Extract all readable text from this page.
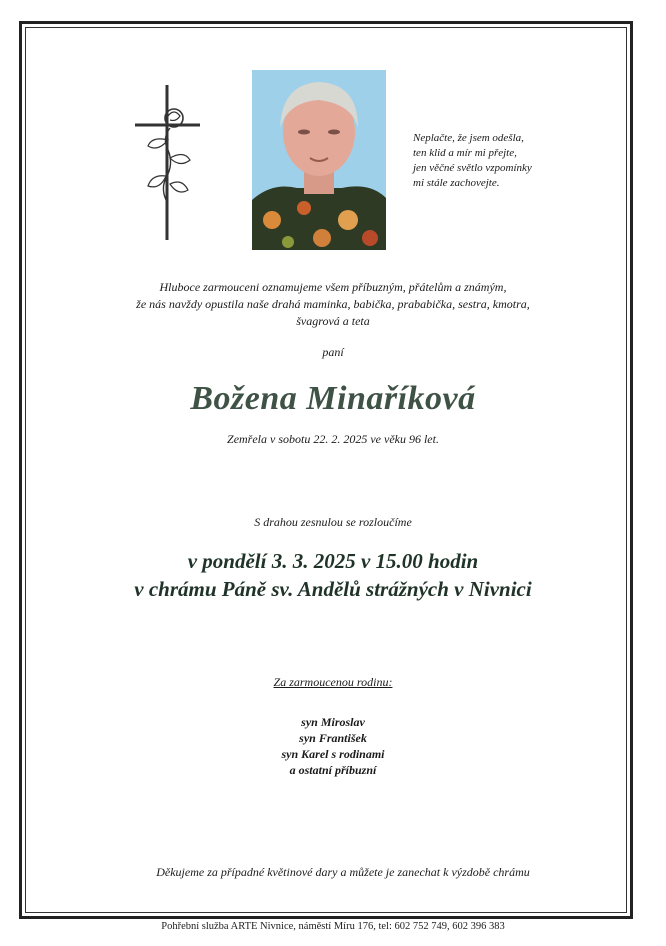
Neplačte, že jsem odešla,
ten klid a mír mi přejte,
jen věčné světlo vzpomínky
mi stále zachovejte.
Hluboce zarmouceni oznamujeme všem příbuzným, přátelům a známým,
že nás navždy opustila naše drahá maminka, babička, prababička, sestra, kmotra,
švagrová a teta
paní
Božena Minaříková
Zemřela v sobotu 22. 2. 2025 ve věku 96 let.
S drahou zesnulou se rozloučíme
v pondělí 3. 3. 2025 v 15.00 hodin
v chrámu Páně sv. Andělů strážných v Nivnici
Za zarmoucenou rodinu:
syn Miroslav
syn František
syn Karel s rodinami
a ostatní příbuzní
Děkujeme za případné květinové dary a můžete je zanechat k výzdobě chrámu
Pohřební služba ARTE Nivnice, náměstí Míru 176, tel: 602 752 749, 602 396 383
